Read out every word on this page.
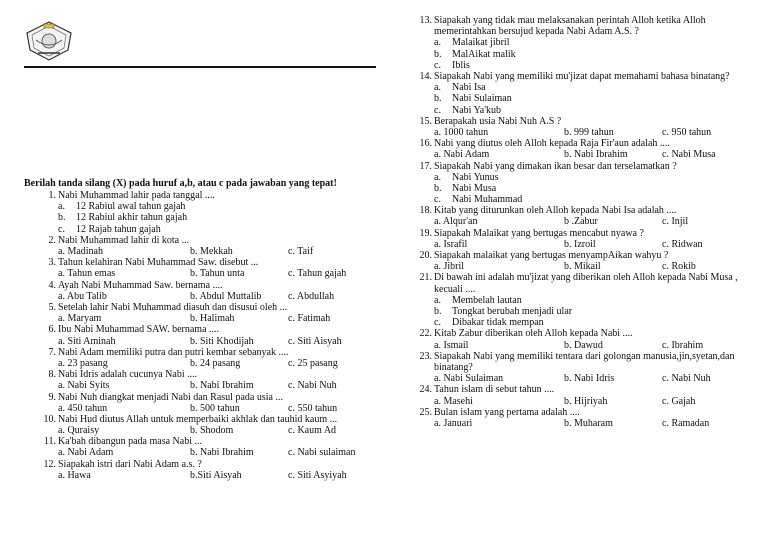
Berilah tanda silang (X) pada huruf a,b, atau c pada jawaban yang tepat!
1. Nabi Muhammad lahir pada tanggal ....
a. 12 Rabiul awal tahun gajah
b. 12 Rabiul akhir tahun gajah
c. 12 Rajab tahun gajah
2. Nabi Muhammad lahir di kota ...
a. Madinah	b. Mekkah	c. Taif
3. Tahun kelahiran Nabi Muhammad Saw. disebut ...
a. Tahun emas	b. Tahun unta	c. Tahun gajah
4. Ayah Nabi Muhammad Saw. bernama ....
a. Abu Talib	b. Abdul Muttalib	c. Abdullah
5. Setelah lahir Nabi Muhammad diasuh dan disusui oleh ...
a. Maryam	b. Halimah	c. Fatimah
6. Ibu Nabi Muhammad SAW. bernama ....
a. Siti Aminah	b. Siti Khodijah	c. Siti Aisyah
7. Nabi Adam memiliki putra dan putri kembar sebanyak ....
a. 23 pasang	b. 24 pasang	c. 25 pasang
8. Nabi Idris adalah cucunya Nabi ....
a. Nabi Syits	b. Nabi Ibrahim	c. Nabi Nuh
9. Nabi Nuh diangkat menjadi Nabi dan Rasul pada usia ...
a. 450 tahun	b. 500 tahun	c. 550 tahun
10. Nabi Hud diutus Allah untuk memperbaiki akhlak dan tauhid kaum ...
a. Quraisy	b. Shodom	c. Kaum Ad
11. Ka'bah dibangun pada masa Nabi ...
a. Nabi Adam	b. Nabi Ibrahim	c. Nabi sulaiman
12. Siapakah istri dari Nabi Adam a.s. ?
a. Hawa	b.Siti Aisyah	c. Siti Asyiyah
13. Siapakah yang tidak mau melaksanakan perintah Alloh ketika Alloh memerintahkan bersujud kepada Nabi Adam A.S. ?
a. Malaikat jibril
b. MalAikat malik
c. Iblis
14. Siapakah Nabi yang memiliki mu'jizat dapat memahami bahasa binatang?
a. Nabi Isa
b. Nabi Sulaiman
c. Nabi Ya'kub
15. Berapakah usia Nabi Nuh A.S ?
a. 1000 tahun	b. 999 tahun	c. 950 tahun
16. Nabi yang diutus oleh Alloh kepada Raja Fir'aun adalah ....
a. Nabi Adam	b. Nabi Ibrahim	c. Nabi Musa
17. Siapakah Nabi yang dimakan ikan besar dan terselamatkan ?
a. Nabi Yunus
b. Nabi Musa
c. Nabi Muhammad
18. Kitab yang diturunkan oleh Alloh kepada Nabi Isa adalah ....
a. Alqur'an	b .Zabur	c. Injil
19. Siapakah Malaikat yang bertugas mencabut nyawa ?
a. Israfil	b. Izroil	c. Ridwan
20. Siapakah malaikat yang bertugas menyampAikan wahyu ?
a. Jibril	b. Mikail	c. Rokib
21. Di bawah ini adalah mu'jizat yang diberikan oleh Alloh kepada Nabi Musa , kecuali ....
a. Membelah lautan
b. Tongkat berubah menjadi ular
c. Dibakar tidak mempan
22. Kitab Zabur diberikan oleh Alloh kepada Nabi ....
a. Ismail	b. Dawud	c. Ibrahim
23. Siapakah Nabi yang memiliki tentara dari golongan manusia,jin,syetan,dan binatang?
a. Nabi Sulaiman	b. Nabi Idris	c. Nabi Nuh
24. Tahun islam di sebut tahun ....
a. Masehi	b. Hijriyah	c. Gajah
25. Bulan islam yang pertama adalah ....
a. Januari	b. Muharam	c. Ramadan
